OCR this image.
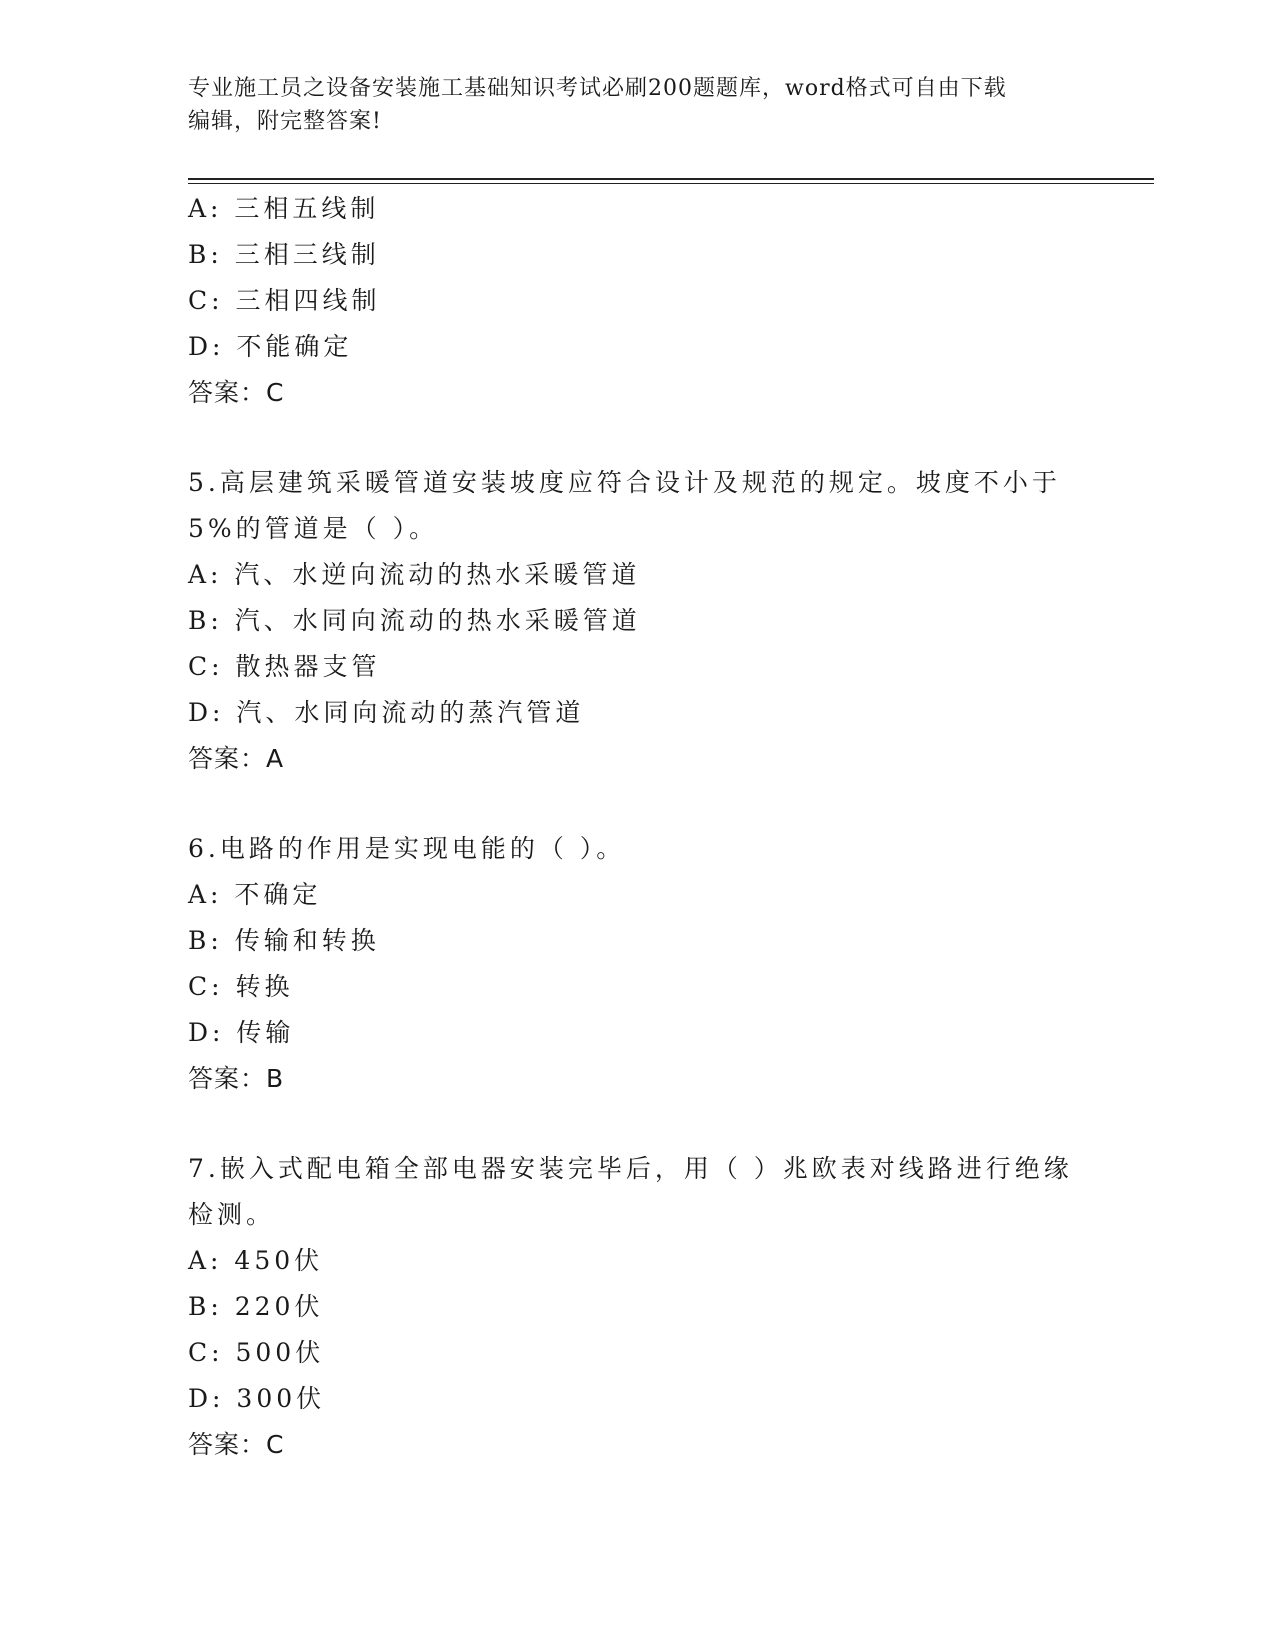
专业施工员之设备安装施工基础知识考试必刷200题题库，word格式可自由下载
编辑，附完整答案!
A: 三相五线制
B: 三相三线制
C: 三相四线制
D: 不能确定
答案：C
5.高层建筑采暖管道安装坡度应符合设计及规范的规定。坡度不小于
5%的管道是（ ）。
A: 汽、水逆向流动的热水采暖管道
B: 汽、水同向流动的热水采暖管道
C: 散热器支管
D: 汽、水同向流动的蒸汽管道
答案：A
6.电路的作用是实现电能的（ ）。
A: 不确定
B: 传输和转换
C: 转换
D: 传输
答案：B
7.嵌入式配电箱全部电器安装完毕后，用（ ）兆欧表对线路进行绝缘
检测。
A: 450伏
B: 220伏
C: 500伏
D: 300伏
答案：C
